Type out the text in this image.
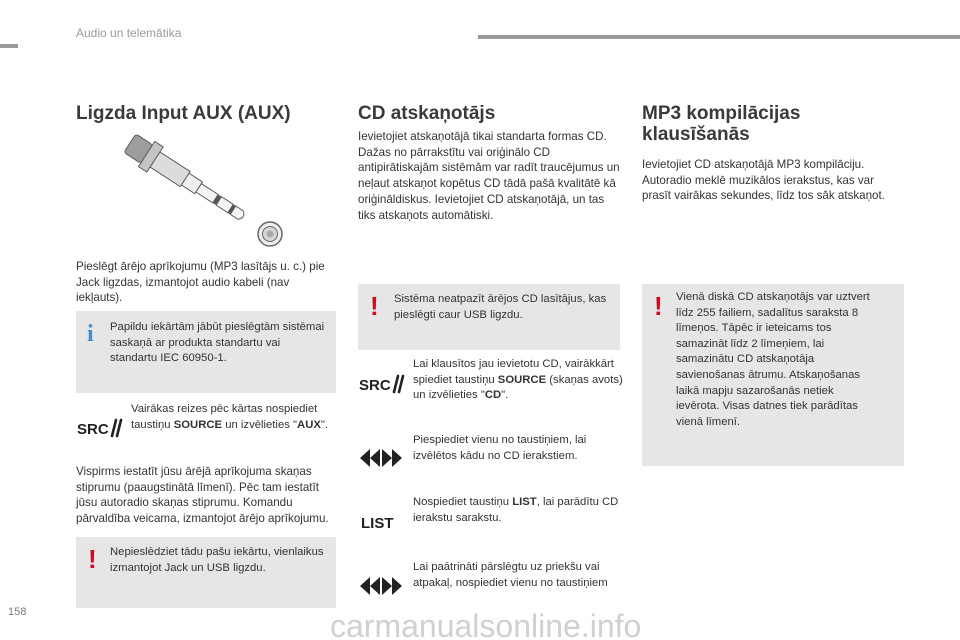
Audio un telemātika
Ligzda Input AUX (AUX)
Pieslēgt ārējo aprīkojumu (MP3 lasītājs u. c.) pie Jack ligzdas, izmantojot audio kabeli (nav iekļauts).
i Papildu iekārtām jābūt pieslēgtām sistēmai saskaņā ar produkta standartu vai standartu IEC 60950-1.
SRC
Vairākas reizes pēc kārtas nospiediet taustiņu SOURCE un izvēlieties "AUX".
Vispirms iestatīt jūsu ārējā aprīkojuma skaņas stiprumu (paaugstinātā līmenī). Pēc tam iestatīt jūsu autoradio skaņas stiprumu. Komandu pārvaldība veicama, izmantojot ārējo aprīkojumu.
! Nepieslēdziet tādu pašu iekārtu, vienlaikus izmantojot Jack un USB ligzdu.
CD atskaņotājs
Ievietojiet atskaņotājā tikai standarta formas CD. Dažas no pārrakstītu vai oriģinālo CD antipirātiskajām sistēmām var radīt traucējumus un neļaut atskaņot kopētus CD tādā pašā kvalitātē kā oriģināldiskus. Ievietojiet CD atskaņotājā, un tas tiks atskaņots automātiski.
! Sistēma neatpazīt ārējos CD lasītājus, kas pieslēgti caur USB ligzdu.
SRC
Lai klausītos jau ievietotu CD, vairākkārt spiediet taustiņu SOURCE (skaņas avots) un izvēlieties "CD".
Piespiediet vienu no taustiņiem, lai izvēlētos kādu no CD ierakstiem.
LIST
Nospiediet taustiņu LIST, lai parādītu CD ierakstu sarakstu.
Lai paātrināti pārslēgtu uz priekšu vai atpakaļ, nospiediet vienu no taustiņiem
MP3 kompilācijas
klausīšanās
Ievietojiet CD atskaņotājā MP3 kompilāciju. Autoradio meklē muzikālos ierakstus, kas var prasīt vairākas sekundes, līdz tos sāk atskaņot.
! Vienā diskā CD atskaņotājs var uztvert līdz 255 failiem, sadalītus saraksta 8 līmeņos. Tāpēc ir ieteicams tos samazināt līdz 2 līmeņiem, lai samazinātu CD atskaņotāja savienošanas ātrumu. Atskaņošanas laikā mapju sazarošanās netiek ievērota. Visas datnes tiek parādītas vienā līmenī.
158	carmanualsonline.info
